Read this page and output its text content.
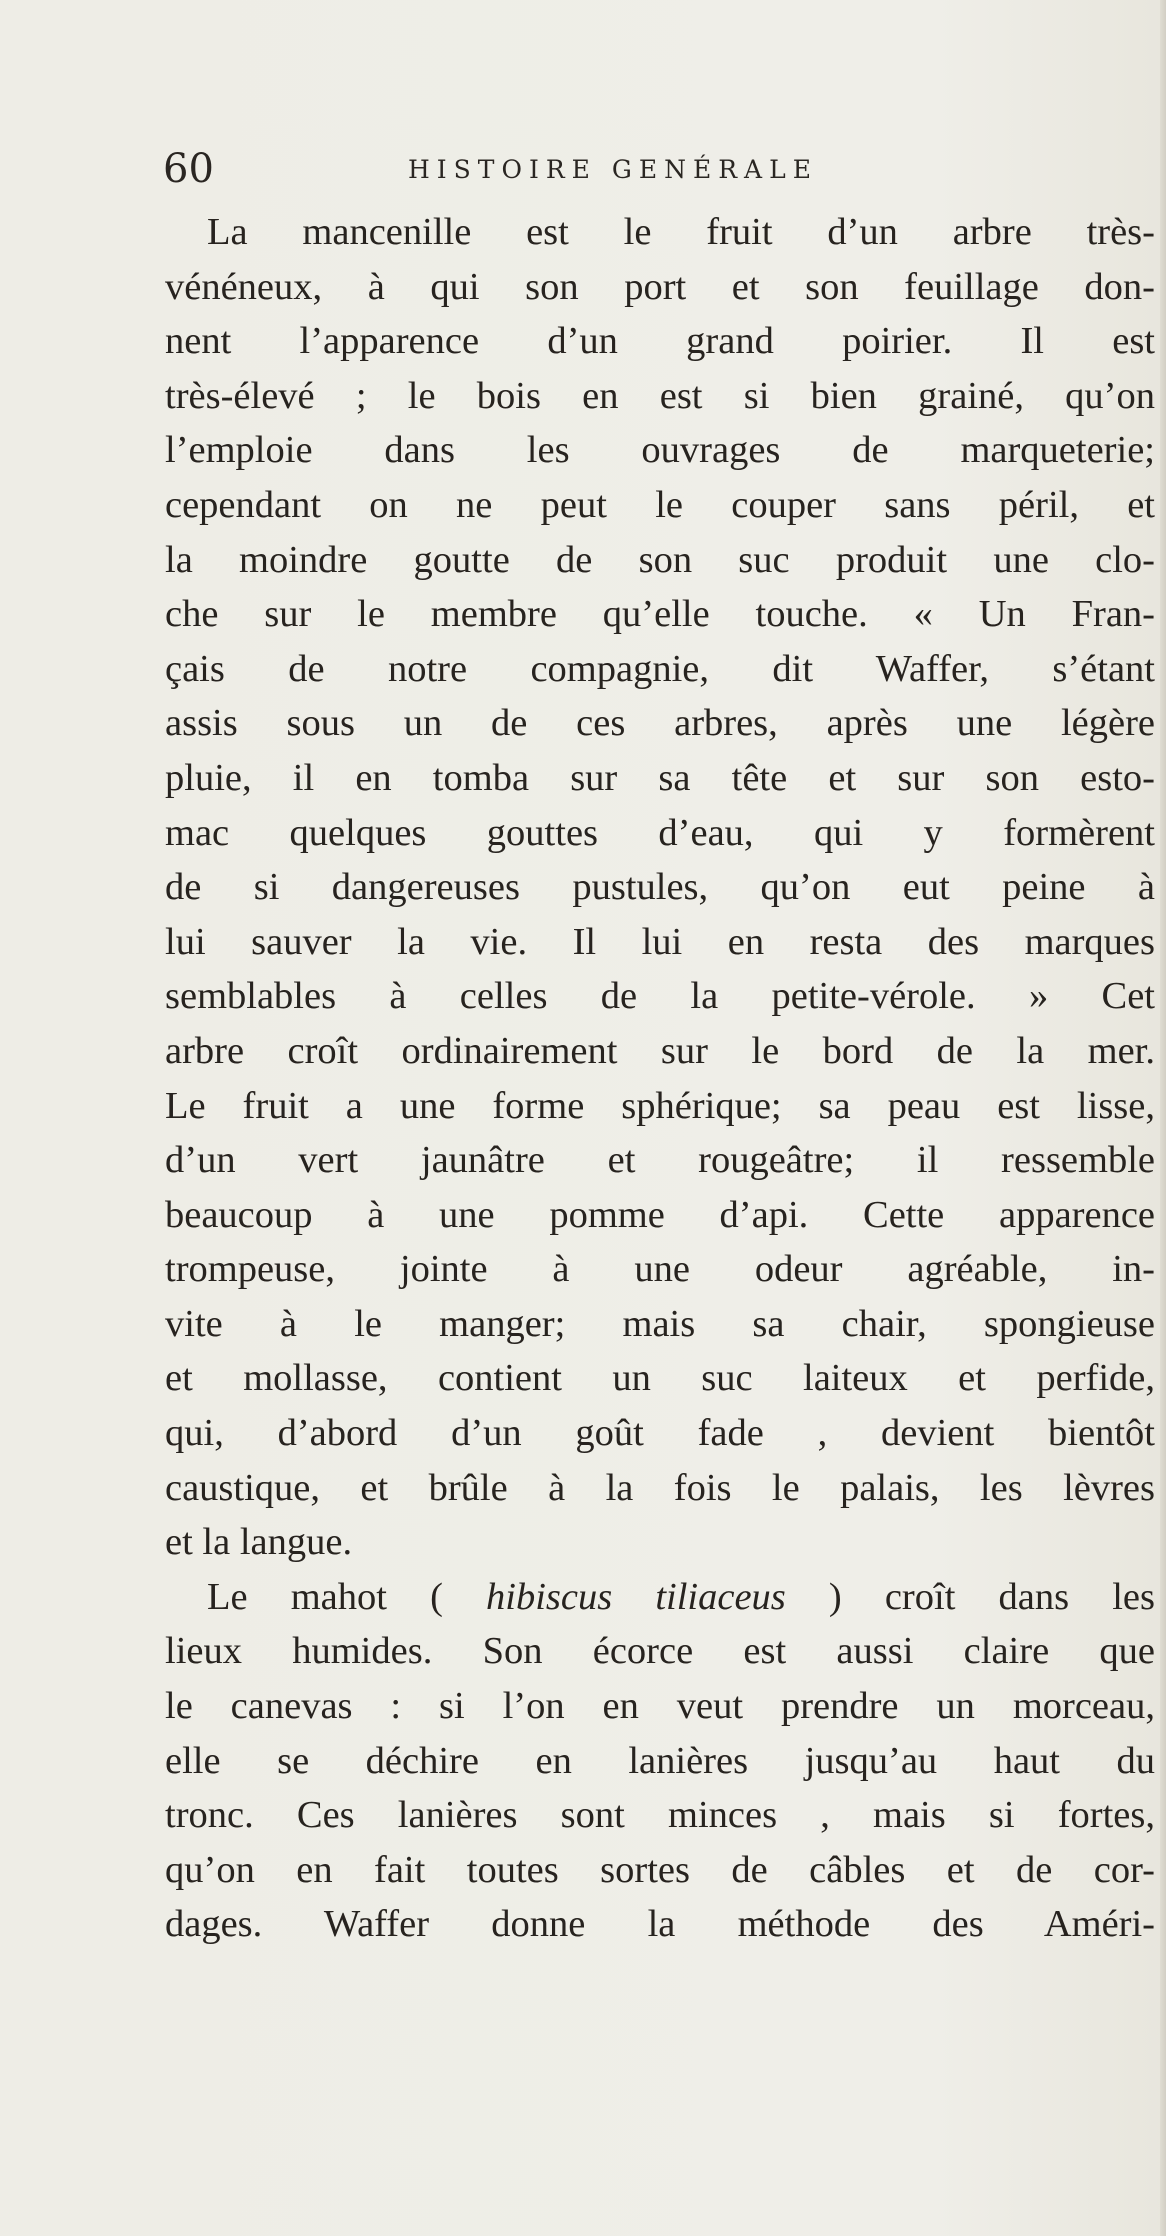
60	HISTOIRE GENÉRALE
La mancenille est le fruit d’un arbre très-
vénéneux, à qui son port et son feuillage don-
nent l’apparence d’un grand poirier. Il est
très-élevé ; le bois en est si bien grainé, qu’on
l’emploie dans les ouvrages de marqueterie;
cependant on ne peut le couper sans péril, et
la moindre goutte de son suc produit une clo-
che sur le membre qu’elle touche. « Un Fran-
çais de notre compagnie, dit Waffer, s’étant
assis sous un de ces arbres, après une légère
pluie, il en tomba sur sa tête et sur son esto-
mac quelques gouttes d’eau, qui y formèrent
de si dangereuses pustules, qu’on eut peine à
lui sauver la vie. Il lui en resta des marques
semblables à celles de la petite-vérole. » Cet
arbre croît ordinairement sur le bord de la mer.
Le fruit a une forme sphérique; sa peau est lisse,
d’un vert jaunâtre et rougeâtre; il ressemble
beaucoup à une pomme d’api. Cette apparence
trompeuse, jointe à une odeur agréable, in-
vite à le manger; mais sa chair, spongieuse
et mollasse, contient un suc laiteux et perfide,
qui, d’abord d’un goût fade , devient bientôt
caustique, et brûle à la fois le palais, les lèvres
et la langue.
Le mahot ( hibiscus tiliaceus ) croît dans les
lieux humides. Son écorce est aussi claire que
le canevas : si l’on en veut prendre un morceau,
elle se déchire en lanières jusqu’au haut du
tronc. Ces lanières sont minces , mais si fortes,
qu’on en fait toutes sortes de câbles et de cor-
dages. Waffer donne la méthode des Améri-
